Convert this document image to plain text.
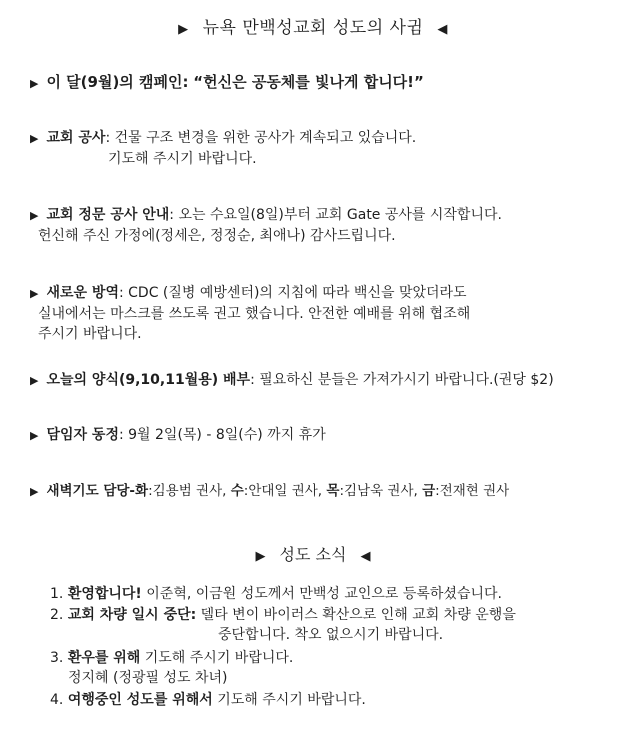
▶ 뉴욕 만백성교회 성도의 사귐 ◀
▶ 이 달(9월)의 캠페인: “헌신은 공동체를 빛나게 합니다!”
▶ 교회 공사: 건물 구조 변경을 위한 공사가 계속되고 있습니다.
기도해 주시기 바랍니다.
▶ 교회 정문 공사 안내: 오는 수요일(8일)부터 교회 Gate 공사를 시작합니다.
헌신해 주신 가정에(정세은, 정정순, 최애나) 감사드립니다.
▶ 새로운 방역: CDC (질병 예방센터)의 지침에 따라 백신을 맞았더라도
실내에서는 마스크를 쓰도록 권고 했습니다. 안전한 예배를 위해 협조해
주시기 바랍니다.
▶ 오늘의 양식(9,10,11월용) 배부: 필요하신 분들은 가져가시기 바랍니다.(권당 $2)
▶ 담임자 동정: 9월 2일(목) - 8일(수) 까지 휴가
▶ 새벽기도 담당-화:김용범 권사, 수:안대일 권사, 목:김남욱 권사, 금:전재현 권사
▶ 성도 소식 ◀
1. 환영합니다! 이준혁, 이금원 성도께서 만백성 교인으로 등록하셨습니다.
2. 교회 차량 일시 중단: 델타 변이 바이러스 확산으로 인해 교회 차량 운행을
중단합니다. 착오 없으시기 바랍니다.
3. 환우를 위해 기도해 주시기 바랍니다.
정지혜 (정광필 성도 차녀)
4. 여행중인 성도를 위해서 기도해 주시기 바랍니다.
